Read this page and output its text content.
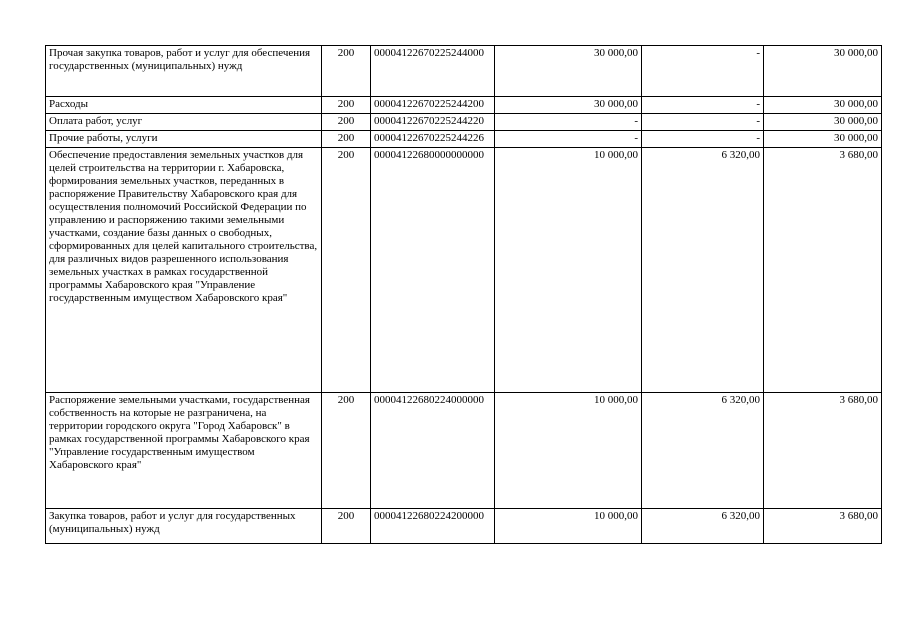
Прочая закупка товаров, работ и услуг для обеспечения государственных (муниципальных) нужд	200	00004122670225244000	30 000,00	-	30 000,00

Расходы	200	00004122670225244200	30 000,00	-	30 000,00

Оплата работ, услуг	200	00004122670225244220	-	-	30 000,00

Прочие работы, услуги	200	00004122670225244226	-	-	30 000,00

Обеспечение предоставления земельных участков для целей строительства на территории г. Хабаровска, формирования земельных участков, переданных в распоряжение Правительству Хабаровского края для осуществления полномочий Российской Федерации по управлению и распоряжению такими земельными участками, создание базы данных о свободных, сформированных для целей капитального строительства, для различных видов разрешенного использования земельных участках в рамках государственной программы Хабаровского края "Управление государственным имуществом Хабаровского края"	200	00004122680000000000	10 000,00	6 320,00	3 680,00

Распоряжение земельными участками, государственная собственность на которые не разграничена, на территории городского округа "Город Хабаровск" в рамках государственной программы Хабаровского края "Управление государственным имуществом Хабаровского края"	200	00004122680224000000	10 000,00	6 320,00	3 680,00

Закупка товаров, работ и услуг для государственных (муниципальных) нужд	200	00004122680224200000	10 000,00	6 320,00	3 680,00
